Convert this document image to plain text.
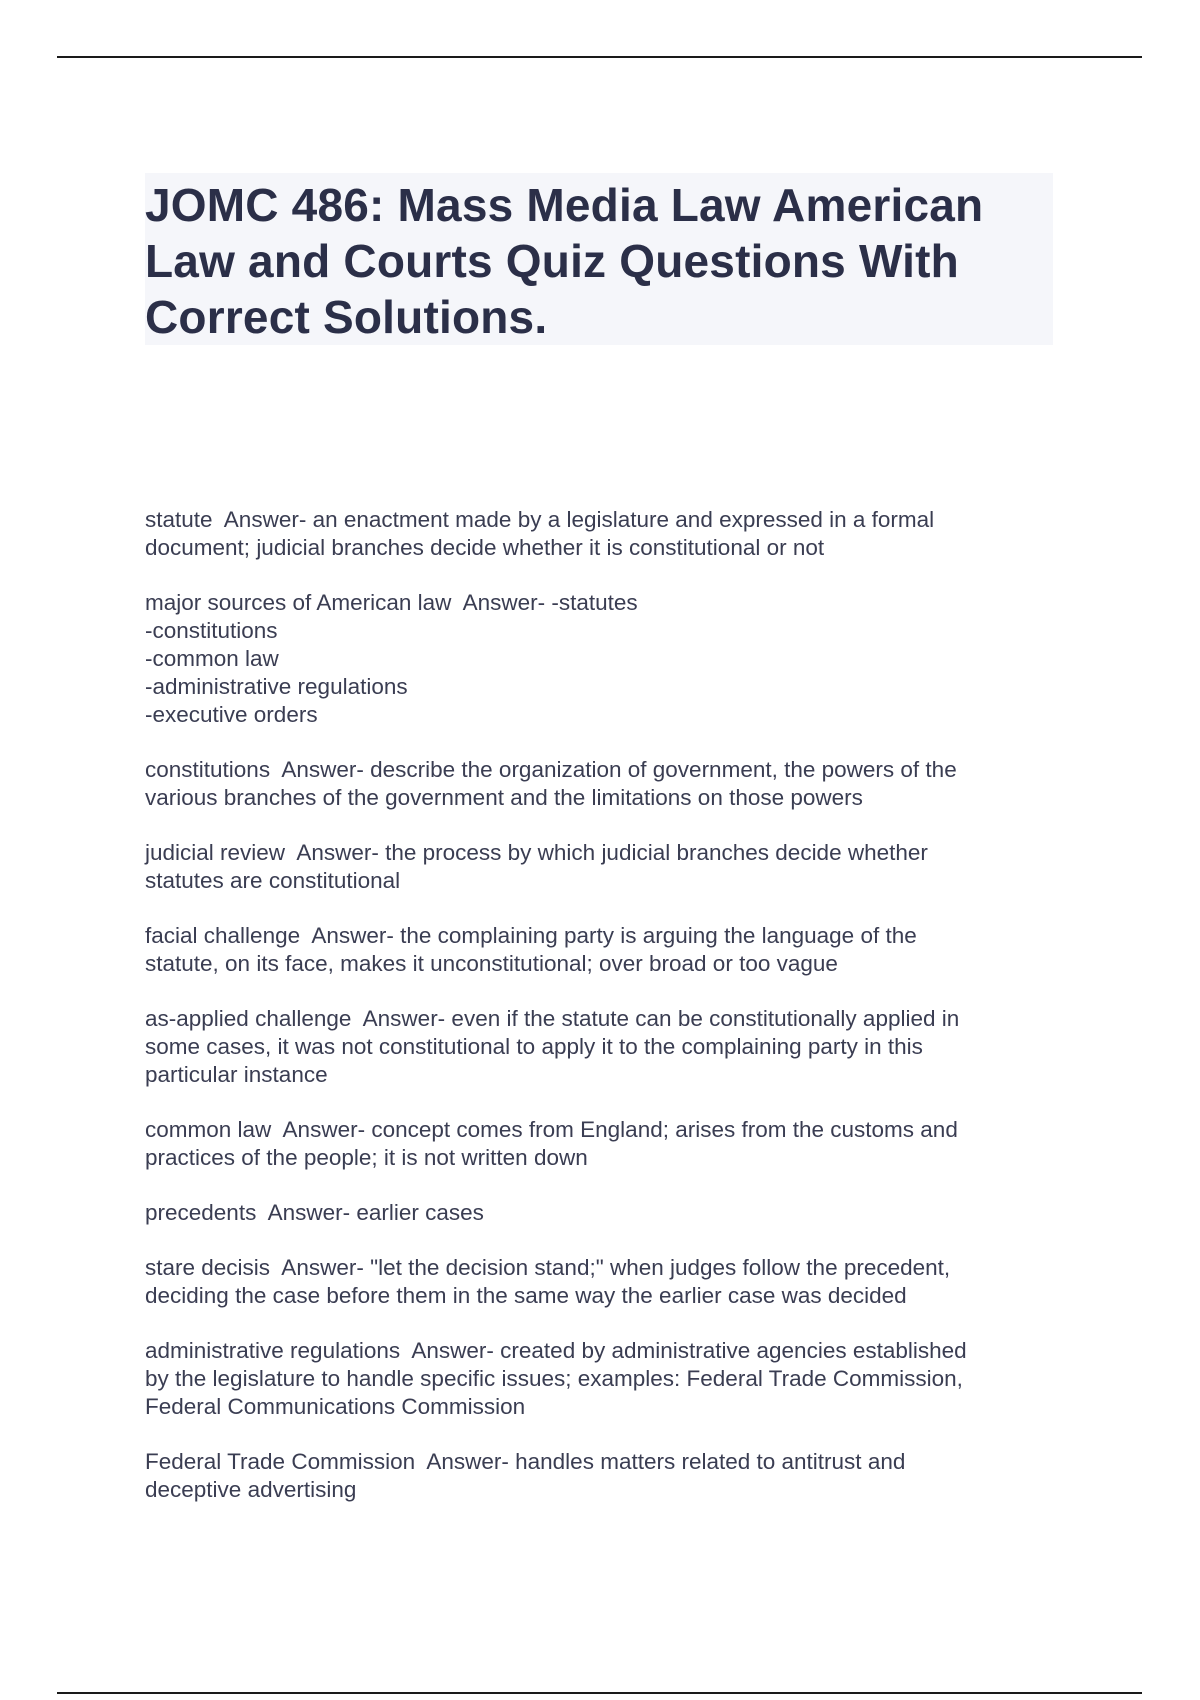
JOMC 486: Mass Media Law American
Law and Courts Quiz Questions With
Correct Solutions.
statute  Answer- an enactment made by a legislature and expressed in a formal
document; judicial branches decide whether it is constitutional or not
major sources of American law  Answer- -statutes
-constitutions
-common law
-administrative regulations
-executive orders
constitutions  Answer- describe the organization of government, the powers of the
various branches of the government and the limitations on those powers
judicial review  Answer- the process by which judicial branches decide whether
statutes are constitutional
facial challenge  Answer- the complaining party is arguing the language of the
statute, on its face, makes it unconstitutional; over broad or too vague
as-applied challenge  Answer- even if the statute can be constitutionally applied in
some cases, it was not constitutional to apply it to the complaining party in this
particular instance
common law  Answer- concept comes from England; arises from the customs and
practices of the people; it is not written down
precedents  Answer- earlier cases
stare decisis  Answer- "let the decision stand;" when judges follow the precedent,
deciding the case before them in the same way the earlier case was decided
administrative regulations  Answer- created by administrative agencies established
by the legislature to handle specific issues; examples: Federal Trade Commission,
Federal Communications Commission
Federal Trade Commission  Answer- handles matters related to antitrust and
deceptive advertising
